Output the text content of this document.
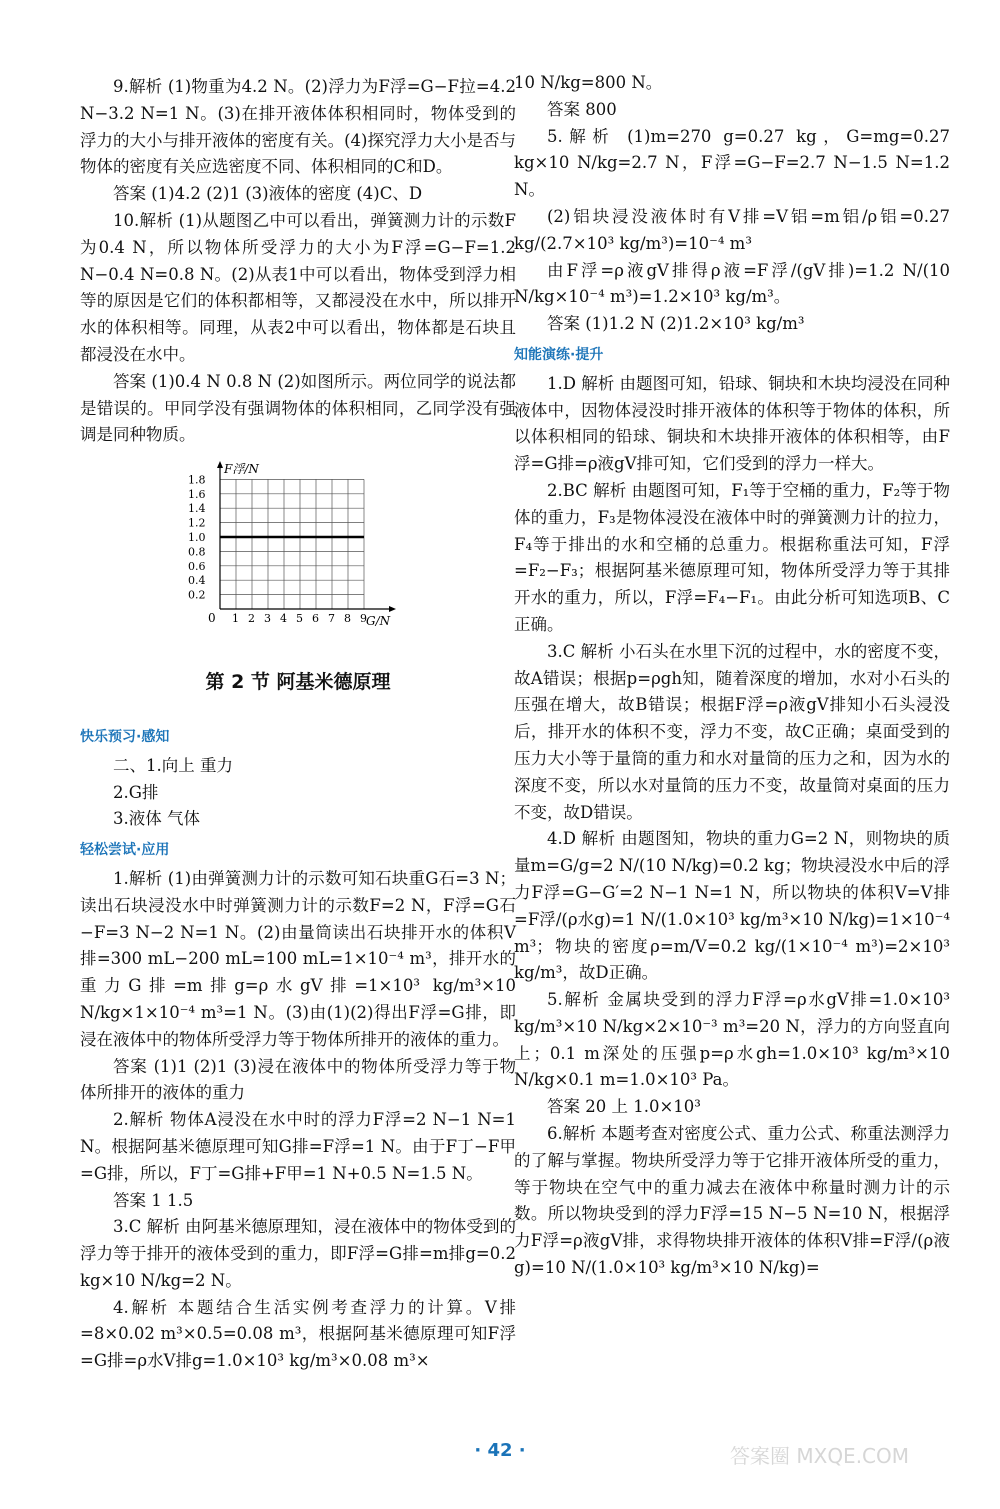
9.解析 (1)物重为4.2 N。(2)浮力为F浮=G−F拉=4.2 N−3.2 N=1 N。(3)在排开液体体积相同时，物体受到的浮力的大小与排开液体的密度有关。(4)探究浮力大小是否与物体的密度有关应选密度不同、体积相同的C和D。

答案 (1)4.2 (2)1 (3)液体的密度 (4)C、D

10.解析 (1)从题图乙中可以看出，弹簧测力计的示数F为0.4 N，所以物体所受浮力的大小为F浮=G−F=1.2 N−0.4 N=0.8 N。(2)从表1中可以看出，物体受到浮力相等的原因是它们的体积都相等，又都浸没在水中，所以排开水的体积相等。同理，从表2中可以看出，物体都是石块且都浸没在水中。

答案 (1)0.4 N 0.8 N (2)如图所示。两位同学的说法都是错误的。甲同学没有强调物体的体积相同，乙同学没有强调是同种物质。

1.8
1.6
1.4
1.2
1.0
0.8
0.6
0.4
0.2
1 2 3 4 5 6 7 8 9
F浮/N
G/N
0
第 2 节 阿基米德原理
快乐预习·感知

二、1.向上 重力

2.G排

3.液体 气体

轻松尝试·应用

1.解析 (1)由弹簧测力计的示数可知石块重G石=3 N；读出石块浸没水中时弹簧测力计的示数F=2 N，F浮=G石−F=3 N−2 N=1 N。(2)由量筒读出石块排开水的体积V排=300 mL−200 mL=100 mL=1×10⁻⁴ m³，排开水的重力G排=m排g=ρ水gV排=1×10³ kg/m³×10 N/kg×1×10⁻⁴ m³=1 N。(3)由(1)(2)得出F浮=G排，即浸在液体中的物体所受浮力等于物体所排开的液体的重力。

答案 (1)1 (2)1 (3)浸在液体中的物体所受浮力等于物体所排开的液体的重力

2.解析 物体A浸没在水中时的浮力F浮=2 N−1 N=1 N。根据阿基米德原理可知G排=F浮=1 N。由于F丁−F甲=G排，所以，F丁=G排+F甲=1 N+0.5 N=1.5 N。

答案 1 1.5

3.C 解析 由阿基米德原理知，浸在液体中的物体受到的浮力等于排开的液体受到的重力，即F浮=G排=m排g=0.2 kg×10 N/kg=2 N。

4.解析 本题结合生活实例考查浮力的计算。V排=8×0.02 m³×0.5=0.08 m³，根据阿基米德原理可知F浮=G排=ρ水V排g=1.0×10³ kg/m³×0.08 m³×

10 N/kg=800 N。

答案 800

5.解析 (1)m=270 g=0.27 kg，G=mg=0.27 kg×10 N/kg=2.7 N，F浮=G−F=2.7 N−1.5 N=1.2 N。

(2)铝块浸没液体时有V排=V铝=m铝/ρ铝=0.27 kg/(2.7×10³ kg/m³)=10⁻⁴ m³

由F浮=ρ液gV排得ρ液=F浮/(gV排)=1.2 N/(10 N/kg×10⁻⁴ m³)=1.2×10³ kg/m³。

答案 (1)1.2 N (2)1.2×10³ kg/m³

知能演练·提升

1.D 解析 由题图可知，铅球、铜块和木块均浸没在同种液体中，因物体浸没时排开液体的体积等于物体的体积，所以体积相同的铅球、铜块和木块排开液体的体积相等，由F浮=G排=ρ液gV排可知，它们受到的浮力一样大。

2.BC 解析 由题图可知，F₁等于空桶的重力，F₂等于物体的重力，F₃是物体浸没在液体中时的弹簧测力计的拉力，F₄等于排出的水和空桶的总重力。根据称重法可知，F浮=F₂−F₃；根据阿基米德原理可知，物体所受浮力等于其排开水的重力，所以，F浮=F₄−F₁。由此分析可知选项B、C正确。

3.C 解析 小石头在水里下沉的过程中，水的密度不变，故A错误；根据p=ρgh知，随着深度的增加，水对小石头的压强在增大，故B错误；根据F浮=ρ液gV排知小石头浸没后，排开水的体积不变，浮力不变，故C正确；桌面受到的压力大小等于量筒的重力和水对量筒的压力之和，因为水的深度不变，所以水对量筒的压力不变，故量筒对桌面的压力不变，故D错误。

4.D 解析 由题图知，物块的重力G=2 N，则物块的质量m=G/g=2 N/(10 N/kg)=0.2 kg；物块浸没水中后的浮力F浮=G−G′=2 N−1 N=1 N，所以物块的体积V=V排=F浮/(ρ水g)=1 N/(1.0×10³ kg/m³×10 N/kg)=1×10⁻⁴ m³；物块的密度ρ=m/V=0.2 kg/(1×10⁻⁴ m³)=2×10³ kg/m³，故D正确。

5.解析 金属块受到的浮力F浮=ρ水gV排=1.0×10³ kg/m³×10 N/kg×2×10⁻³ m³=20 N，浮力的方向竖直向上；0.1 m深处的压强p=ρ水gh=1.0×10³ kg/m³×10 N/kg×0.1 m=1.0×10³ Pa。

答案 20 上 1.0×10³

6.解析 本题考查对密度公式、重力公式、称重法测浮力的了解与掌握。物块所受浮力等于它排开液体所受的重力，等于物块在空气中的重力减去在液体中称量时测力计的示数。所以物块受到的浮力F浮=15 N−5 N=10 N，根据浮力F浮=ρ液gV排，求得物块排开液体的体积V排=F浮/(ρ液g)=10 N/(1.0×10³ kg/m³×10 N/kg)=

· 42 ·	答案圈 MXQE.COM
